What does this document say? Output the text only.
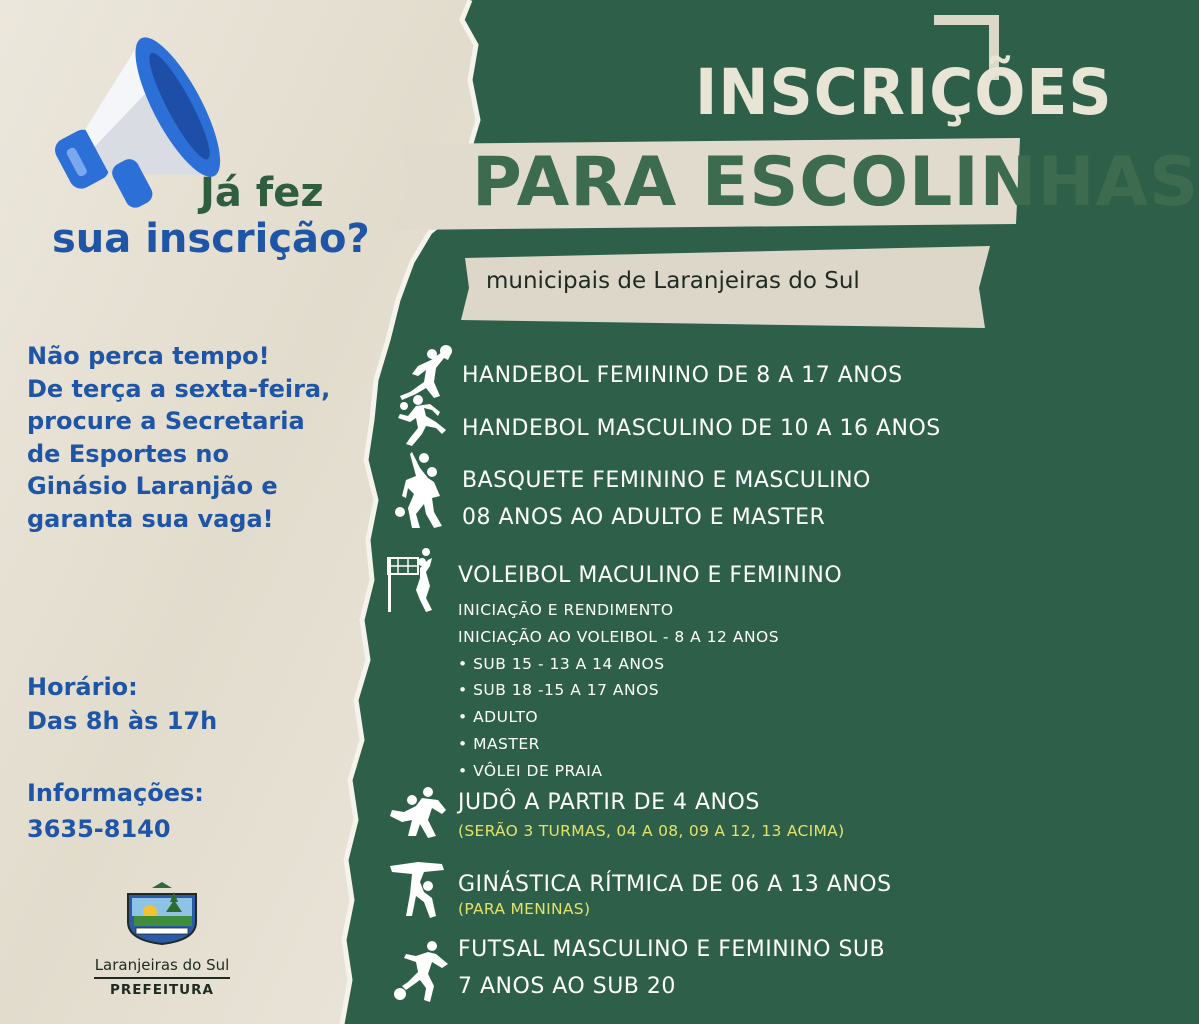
INSCRIÇÕES
PARA ESCOLINHAS
municipais de Laranjeiras do Sul
Já fez
sua inscrição?
Não perca tempo!
De terça a sexta-feira,
procure a Secretaria
de Esportes no
Ginásio Laranjão e
garanta sua vaga!
Horário:
Das 8h às 17h
Informações:
3635-8140
Laranjeiras do Sul
PREFEITURA
HANDEBOL FEMININO DE 8 A 17 ANOS
HANDEBOL MASCULINO DE 10 A 16 ANOS
BASQUETE FEMININO E MASCULINO
08 ANOS AO ADULTO E MASTER
VOLEIBOL MACULINO E FEMININO
INICIAÇÃO E RENDIMENTO
INICIAÇÃO AO VOLEIBOL - 8 A 12 ANOS
• SUB 15 - 13 A 14 ANOS
• SUB 18 -15 A 17 ANOS
• ADULTO
• MASTER
• VÔLEI DE PRAIA
JUDÔ A PARTIR DE 4 ANOS
(SERÃO 3 TURMAS, 04 A 08, 09 A 12, 13 ACIMA)
GINÁSTICA RÍTMICA DE 06 A 13 ANOS
(PARA MENINAS)
FUTSAL MASCULINO E FEMININO SUB
7 ANOS AO SUB 20
